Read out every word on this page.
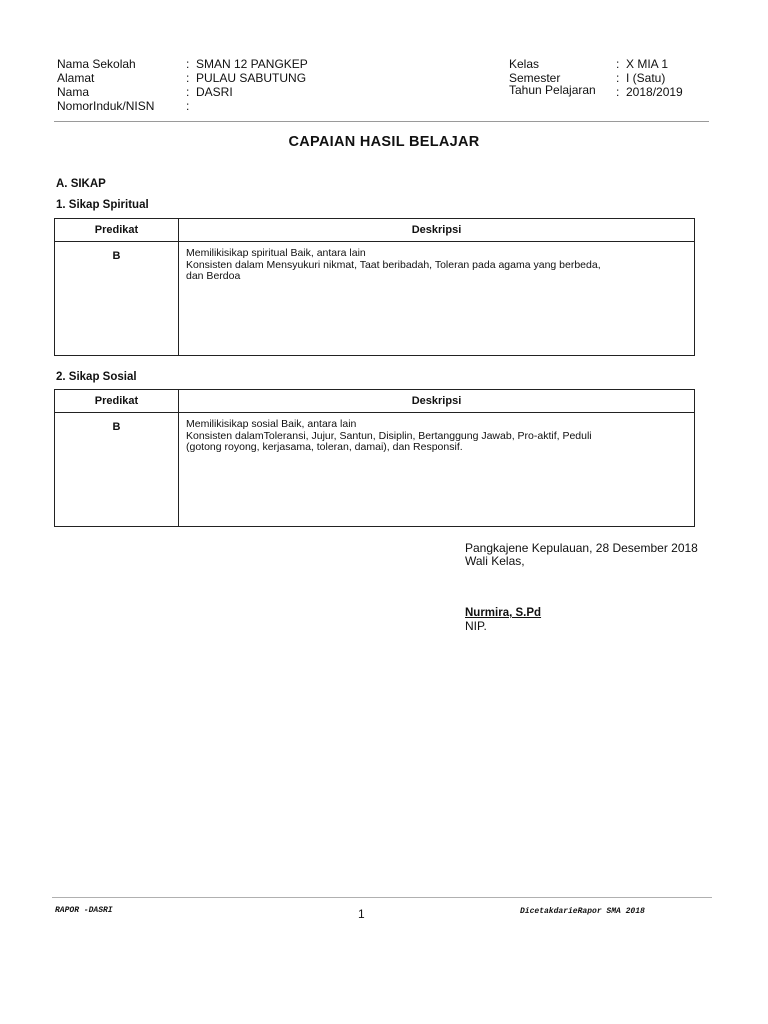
Nama Sekolah	: SMAN 12 PANGKEP
Alamat	: PULAU SABUTUNG
Nama	: DASRI
NomorInduk/NISN	:
Kelas	: X MIA 1
Semester	: I (Satu)
Tahun Pelajaran : 2018/2019
CAPAIAN HASIL BELAJAR
A. SIKAP
1. Sikap Spiritual
Predikat	Deskripsi
B	Memilikisikap spiritual Baik, antara lain
Konsisten dalam Mensyukuri nikmat, Taat beribadah, Toleran pada agama yang berbeda,
dan Berdoa
2. Sikap Sosial
Predikat	Deskripsi
B	Memilikisikap sosial Baik, antara lain
Konsisten dalamToleransi, Jujur, Santun, Disiplin, Bertanggung Jawab, Pro-aktif, Peduli
(gotong royong, kerjasama, toleran, damai), dan Responsif.
Pangkajene Kepulauan, 28 Desember 2018
Wali Kelas,
Nurmira, S.Pd
NIP.
RAPOR -DASRI	1	DicetakdarieRapor SMA 2018
